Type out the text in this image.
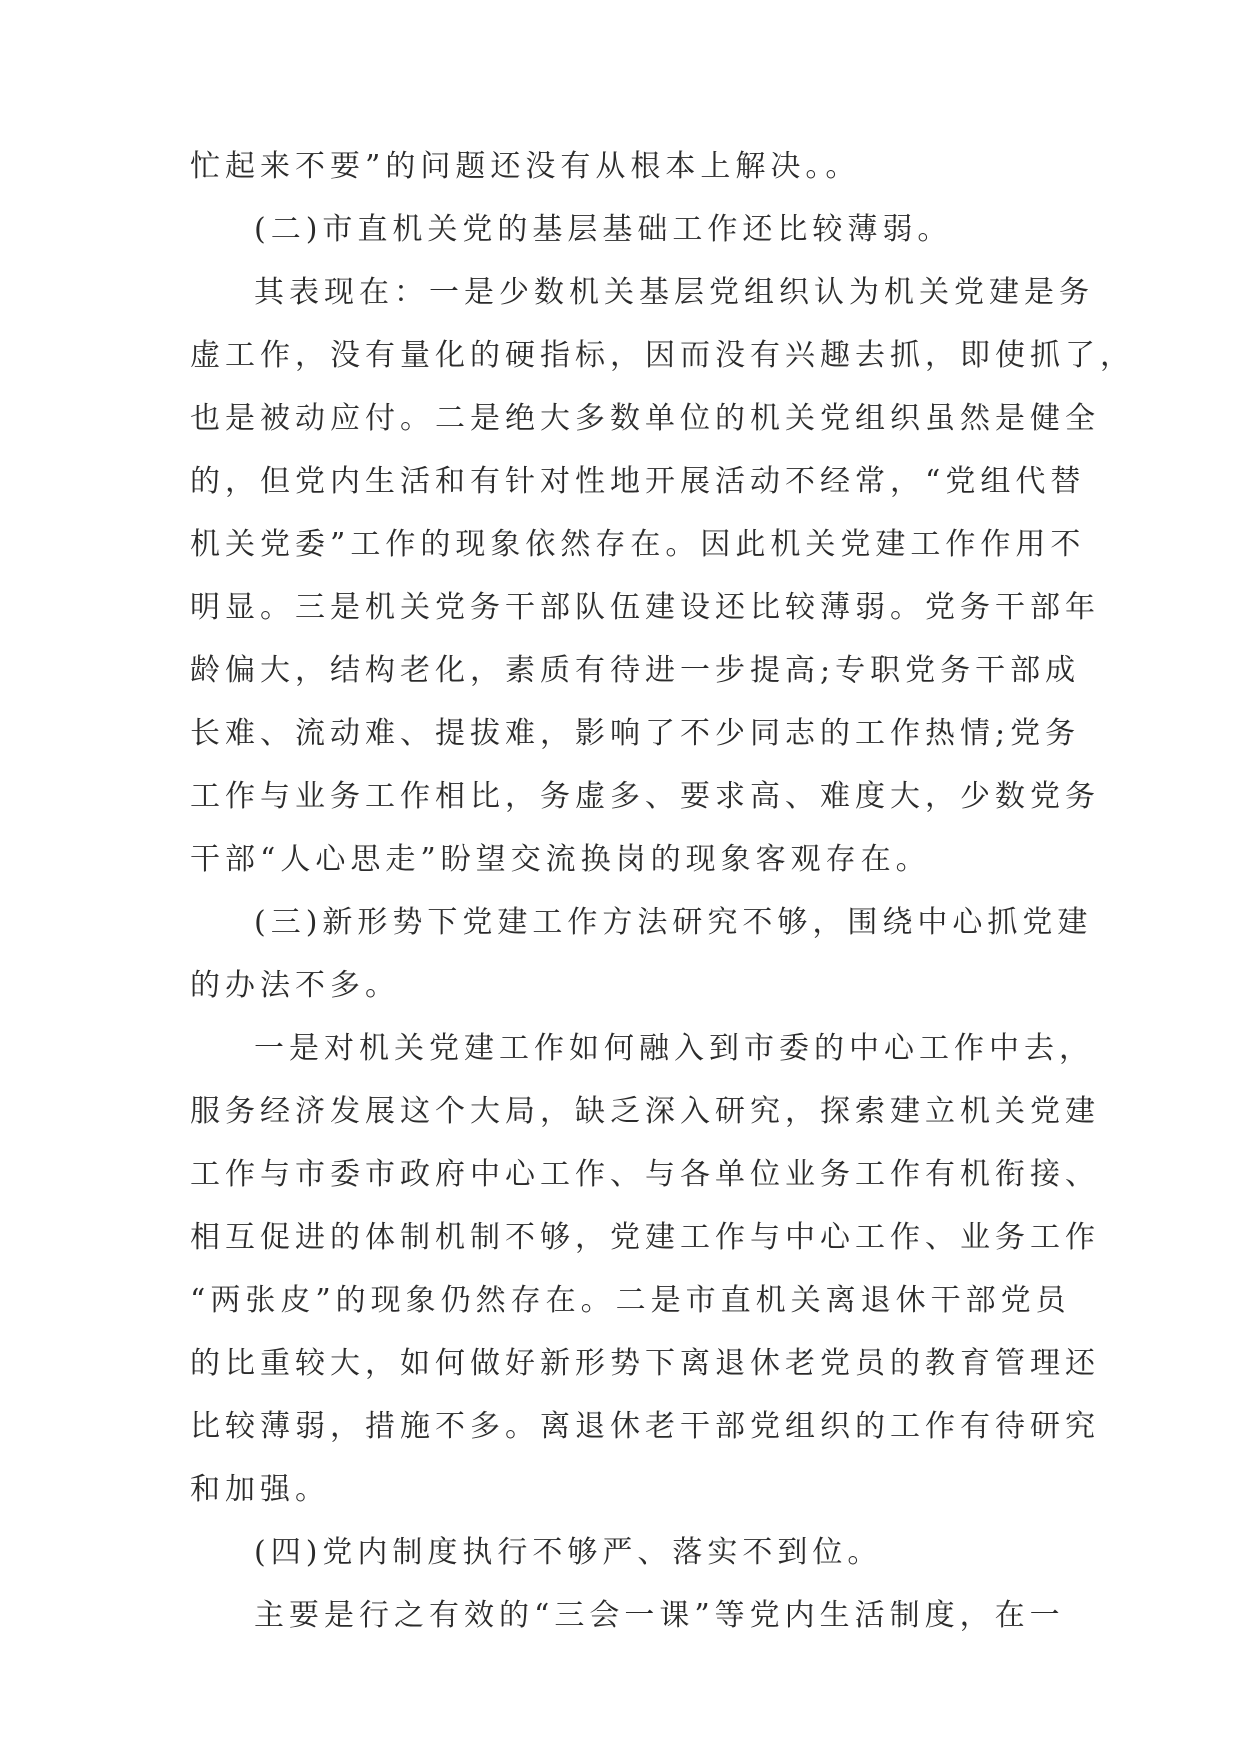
忙起来不要”的问题还没有从根本上解决。。
(二)市直机关党的基层基础工作还比较薄弱。
其表现在：一是少数机关基层党组织认为机关党建是务
虚工作，没有量化的硬指标，因而没有兴趣去抓，即使抓了，
也是被动应付。二是绝大多数单位的机关党组织虽然是健全
的，但党内生活和有针对性地开展活动不经常，“党组代替
机关党委”工作的现象依然存在。因此机关党建工作作用不
明显。三是机关党务干部队伍建设还比较薄弱。党务干部年
龄偏大，结构老化，素质有待进一步提高;专职党务干部成
长难、流动难、提拔难，影响了不少同志的工作热情;党务
工作与业务工作相比，务虚多、要求高、难度大，少数党务
干部“人心思走”盼望交流换岗的现象客观存在。
(三)新形势下党建工作方法研究不够，围绕中心抓党建
的办法不多。
一是对机关党建工作如何融入到市委的中心工作中去，
服务经济发展这个大局，缺乏深入研究，探索建立机关党建
工作与市委市政府中心工作、与各单位业务工作有机衔接、
相互促进的体制机制不够，党建工作与中心工作、业务工作
“两张皮”的现象仍然存在。二是市直机关离退休干部党员
的比重较大，如何做好新形势下离退休老党员的教育管理还
比较薄弱，措施不多。离退休老干部党组织的工作有待研究
和加强。
(四)党内制度执行不够严、落实不到位。
主要是行之有效的“三会一课”等党内生活制度，在一
